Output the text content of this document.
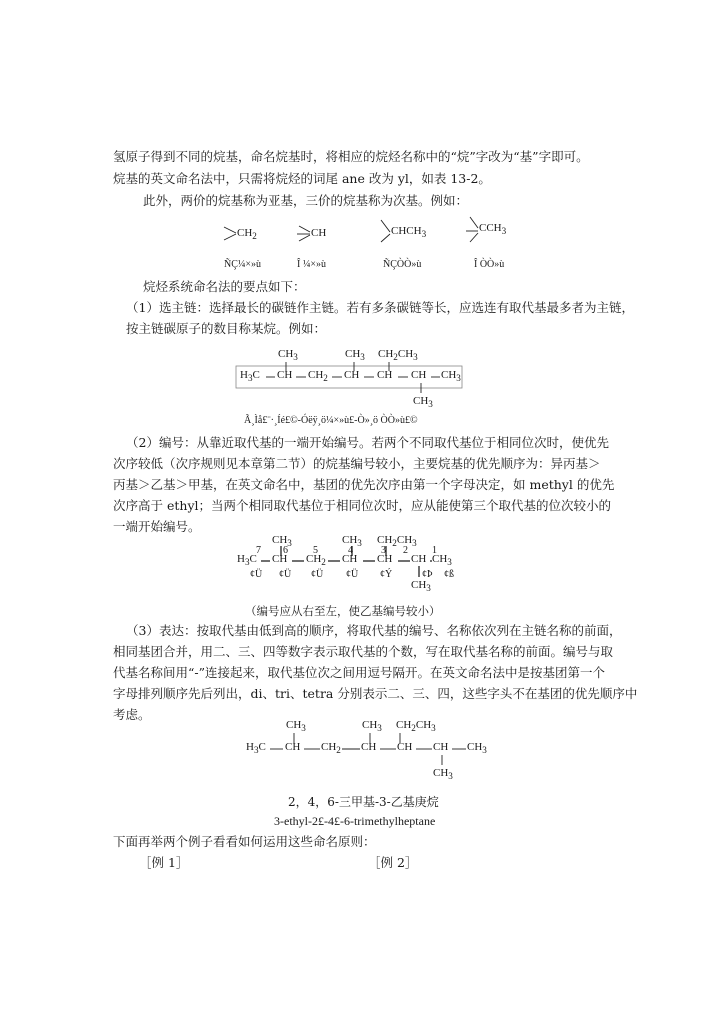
氢原子得到不同的烷基，命名烷基时，将相应的烷烃名称中的“烷”字改为“基”字即可。
烷基的英文命名法中，只需将烷烃的词尾 ane 改为 yl，如表 13-2。
此外，两价的烷基称为亚基，三价的烷基称为次基。例如：
$CH_2$	CH	$CHCH_3$
$CCH_3$
ÑÇ¼×»ù	Î ¼×»ù	ÑÇÒÒ»ù	Î ÒÒ»ù
烷烃系统命名法的要点如下：
（1）选主链：选择最长的碳链作主链。若有多条碳链等长，应选连有取代基最多者为主链，
按主链碳原子的数目称某烷。例如：
$CH_3$	$CH_3$ $CH_2CH_3$
$H_3C$ CH $CH_2$ CH CH CH $CH_3$
$CH_3$
Ã¸Ìå£¨·¸Íé£©-Óëÿ¸ö¼×»ù£-Ò»¸ö ÒÒ»ù£©
（2）编号：从靠近取代基的一端开始编号。若两个不同取代基位于相同位次时，使优先
次序较低（次序规则见本章第二节）的烷基编号较小，主要烷基的优先顺序为：异丙基＞
丙基＞乙基＞甲基，在英文命名中，基团的优先次序由第一个字母决定，如 methyl 的优先
次序高于 ethyl；当两个相同取代基位于相同位次时，应从能使第三个取代基的位次较小的
一端开始编号。
$CH_3$	$CH_3$ $CH_2CH_3$
7 6	5	4	3 2 1
$H_3C$ CH $CH_2$ CH CH CH $CH_3$
¢Ü ¢Ü ¢Ü ¢Ü ¢Ý	¢Þ ¢ß
$CH_3$
（编号应从右至左，使乙基编号较小）
（3）表达：按取代基由低到高的顺序，将取代基的编号、名称依次列在主链名称的前面，
相同基团合并，用二、三、四等数字表示取代基的个数，写在取代基名称的前面。编号与取
代基名称间用“-”连接起来，取代基位次之间用逗号隔开。在英文命名法中是按基团第一个
字母排列顺序先后列出，di、tri、tetra 分别表示二、三、四，这些字头不在基团的优先顺序中
考虑。
$CH_3$	$CH_3$ $CH_2CH_3$
$H_3C$ CH $CH_2$ CH CH CH $CH_3$
$CH_3$
2，4，6-三甲基-3-乙基庚烷
3-ethyl-2£-4£-6-trimethylheptane
下面再举两个例子看看如何运用这些命名原则：
［例 1］	［例 2］
